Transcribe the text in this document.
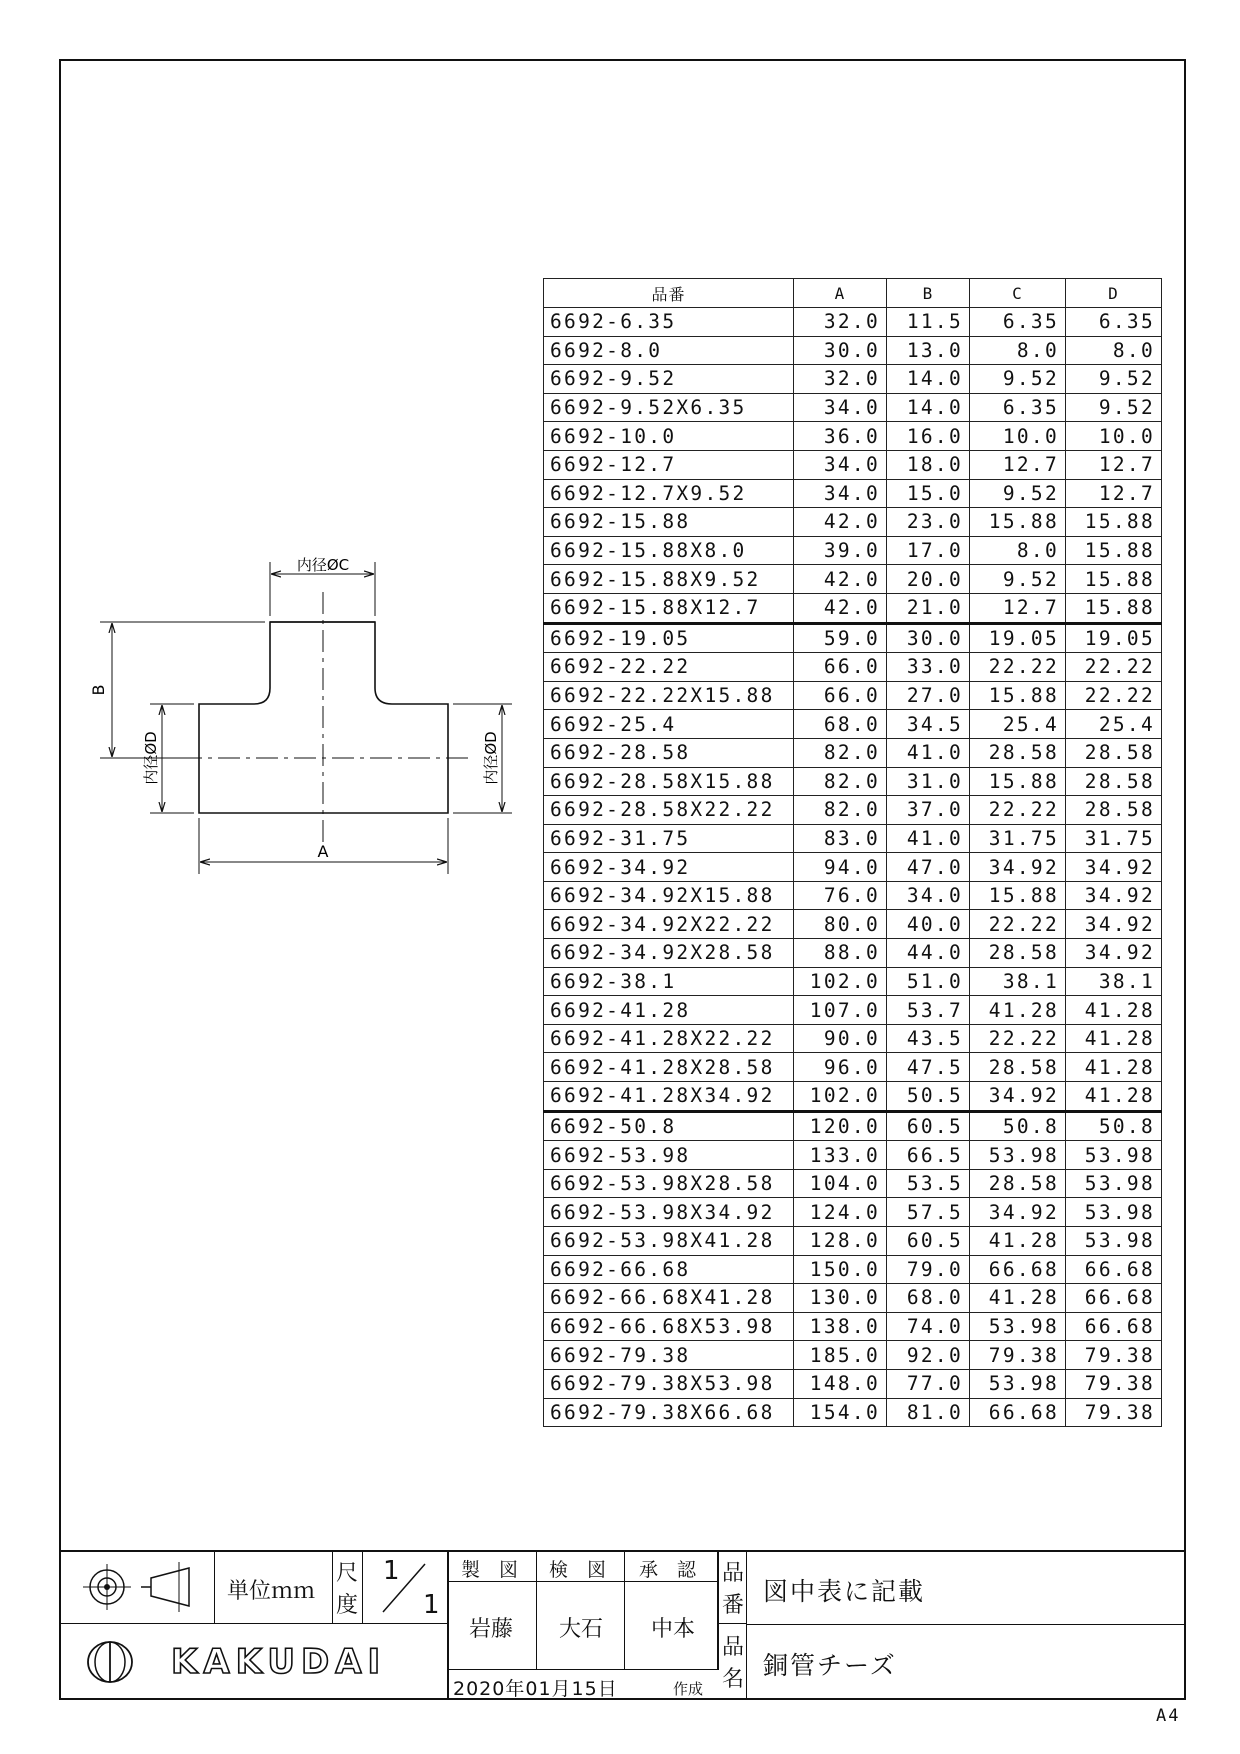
内径ØC
B
内径ØD	内径ØD
A
品番	A	B	C	D
6692-6.35	32.0	11.5	6.35	6.35
6692-8.0	30.0	13.0	8.0	8.0
6692-9.52	32.0	14.0	9.52	9.52
6692-9.52X6.35	34.0	14.0	6.35	9.52
6692-10.0	36.0	16.0	10.0	10.0
6692-12.7	34.0	18.0	12.7	12.7
6692-12.7X9.52	34.0	15.0	9.52	12.7
6692-15.88	42.0	23.0	15.88	15.88
6692-15.88X8.0	39.0	17.0	8.0	15.88
6692-15.88X9.52	42.0	20.0	9.52	15.88
6692-15.88X12.7	42.0	21.0	12.7	15.88
6692-19.05	59.0	30.0	19.05	19.05
6692-22.22	66.0	33.0	22.22	22.22
6692-22.22X15.88	66.0	27.0	15.88	22.22
6692-25.4	68.0	34.5	25.4	25.4
6692-28.58	82.0	41.0	28.58	28.58
6692-28.58X15.88	82.0	31.0	15.88	28.58
6692-28.58X22.22	82.0	37.0	22.22	28.58
6692-31.75	83.0	41.0	31.75	31.75
6692-34.92	94.0	47.0	34.92	34.92
6692-34.92X15.88	76.0	34.0	15.88	34.92
6692-34.92X22.22	80.0	40.0	22.22	34.92
6692-34.92X28.58	88.0	44.0	28.58	34.92
6692-38.1	102.0	51.0	38.1	38.1
6692-41.28	107.0	53.7	41.28	41.28
6692-41.28X22.22	90.0	43.5	22.22	41.28
6692-41.28X28.58	96.0	47.5	28.58	41.28
6692-41.28X34.92	102.0	50.5	34.92	41.28
6692-50.8	120.0	60.5	50.8	50.8
6692-53.98	133.0	66.5	53.98	53.98
6692-53.98X28.58	104.0	53.5	28.58	53.98
6692-53.98X34.92	124.0	57.5	34.92	53.98
6692-53.98X41.28	128.0	60.5	41.28	53.98
6692-66.68	150.0	79.0	66.68	66.68
6692-66.68X41.28	130.0	68.0	41.28	66.68
6692-66.68X53.98	138.0	74.0	53.98	66.68
6692-79.38	185.0	92.0	79.38	79.38
6692-79.38X53.98	148.0	77.0	53.98	79.38
6692-79.38X66.68	154.0	81.0	66.68	79.38
単位ｍｍ
尺
度
1
1
KAKUDAI
製　図 検　図 承　認
岩藤 大石 中本
2020年01月15日	作成
品
番 図中表に記載
品
名 銅管チーズ
A4
